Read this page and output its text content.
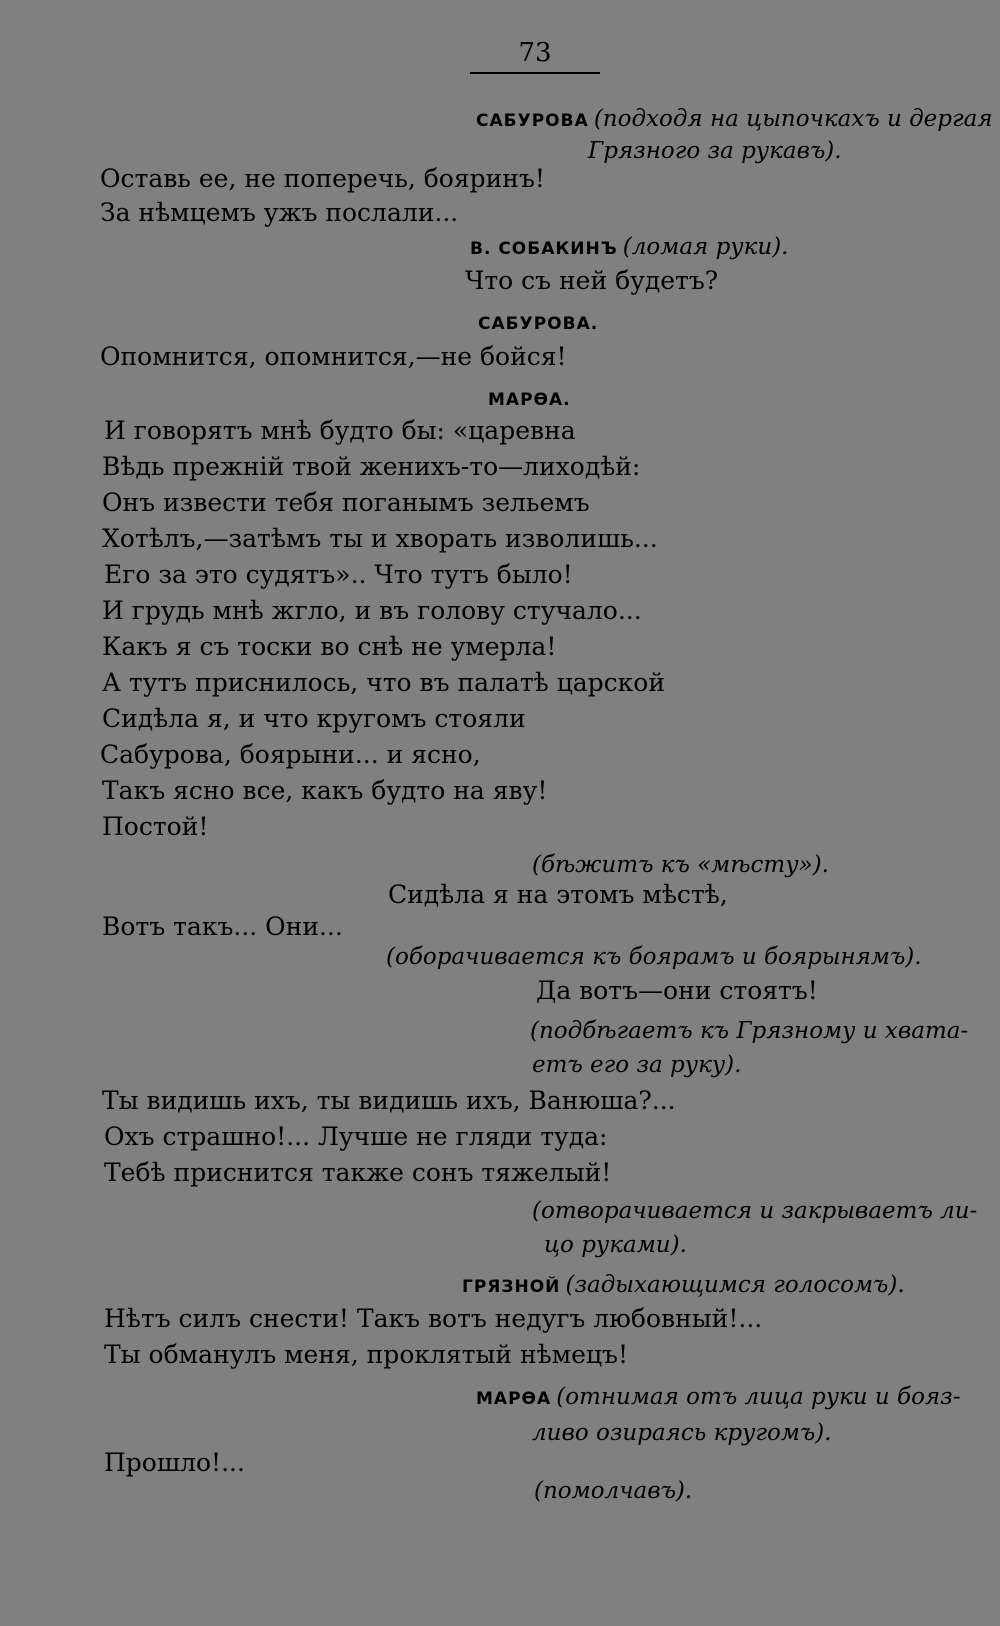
73
САБУРОВА (подходя на цыпочкахъ и дергая
Грязного за рукавъ).
Оставь ее, не поперечь, бояринъ!
За нѣмцемъ ужъ послали...
В. СОБАКИНЪ (ломая руки).
Что съ ней будетъ?
САБУРОВА.
Опомнится, опомнится,—не бойся!
МАРѲА.
И говорятъ мнѣ будто бы: «царевна
Вѣдь прежній твой женихъ-то—лиходѣй:
Онъ извести тебя поганымъ зельемъ
Хотѣлъ,—затѣмъ ты и хворать изволишь...
Его за это судятъ».. Что тутъ было!
И грудь мнѣ жгло, и въ голову стучало...
Какъ я съ тоски во снѣ не умерла!
А тутъ приснилось, что въ палатѣ царской
Сидѣла я, и что кругомъ стояли
Сабурова, боярыни... и ясно,
Такъ ясно все, какъ будто на яву!
Постой!
(бѣжитъ къ «мѣсту»).
Сидѣла я на этомъ мѣстѣ,
Вотъ такъ... Они...
(оборачивается къ боярамъ и боярынямъ).
Да вотъ—они стоятъ!
(подбѣгаетъ къ Грязному и хвата-
етъ его за руку).
Ты видишь ихъ, ты видишь ихъ, Ванюша?...
Охъ страшно!... Лучше не гляди туда:
Тебѣ приснится также сонъ тяжелый!
(отворачивается и закрываетъ ли-
цо руками).
ГРЯЗНОЙ (задыхающимся голосомъ).
Нѣтъ силъ снести! Такъ вотъ недугъ любовный!...
Ты обманулъ меня, проклятый нѣмецъ!
МАРѲА (отнимая отъ лица руки и бояз-
ливо озираясь кругомъ).
Прошло!...
(помолчавъ).
